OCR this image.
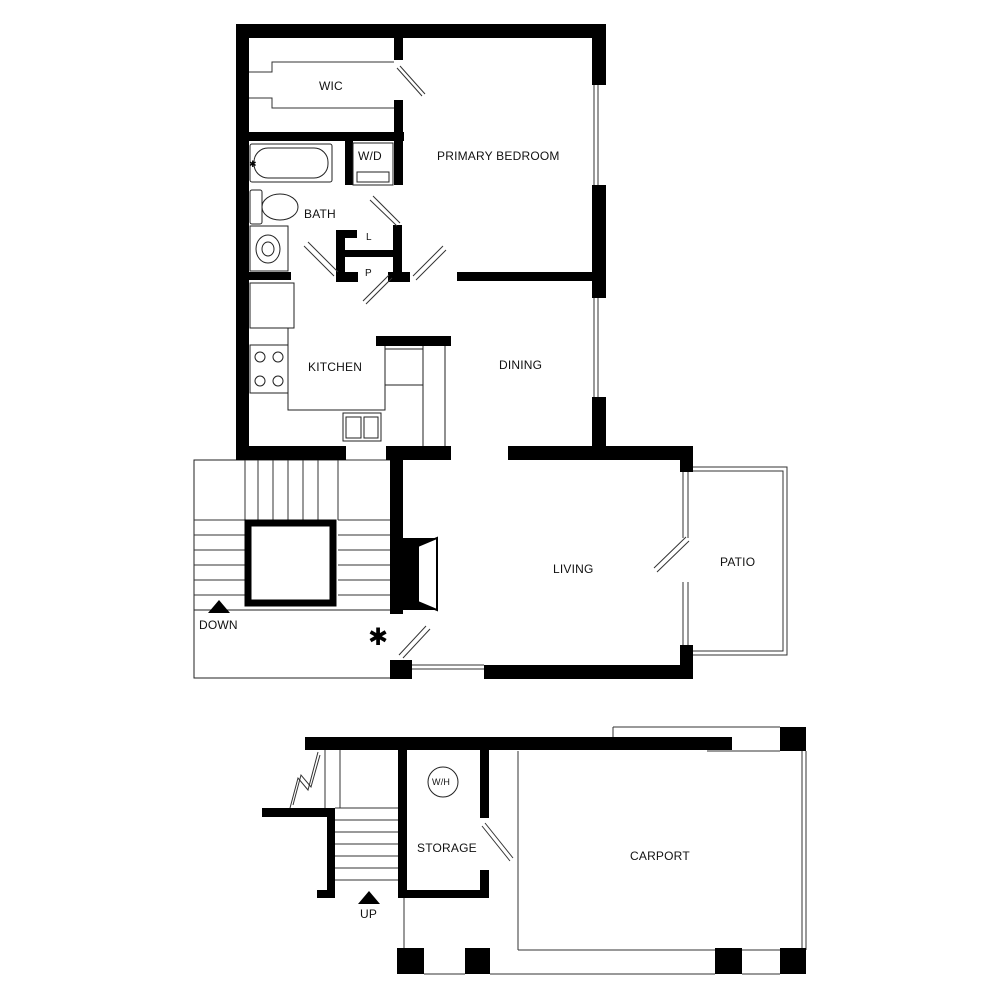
✱
✱
WIC
W/D	PRIMARY BEDROOM
BATH
L
P
KITCHEN	DINING
LIVING	PATIO
DOWN
W/H
STORAGE
CARPORT
UP
